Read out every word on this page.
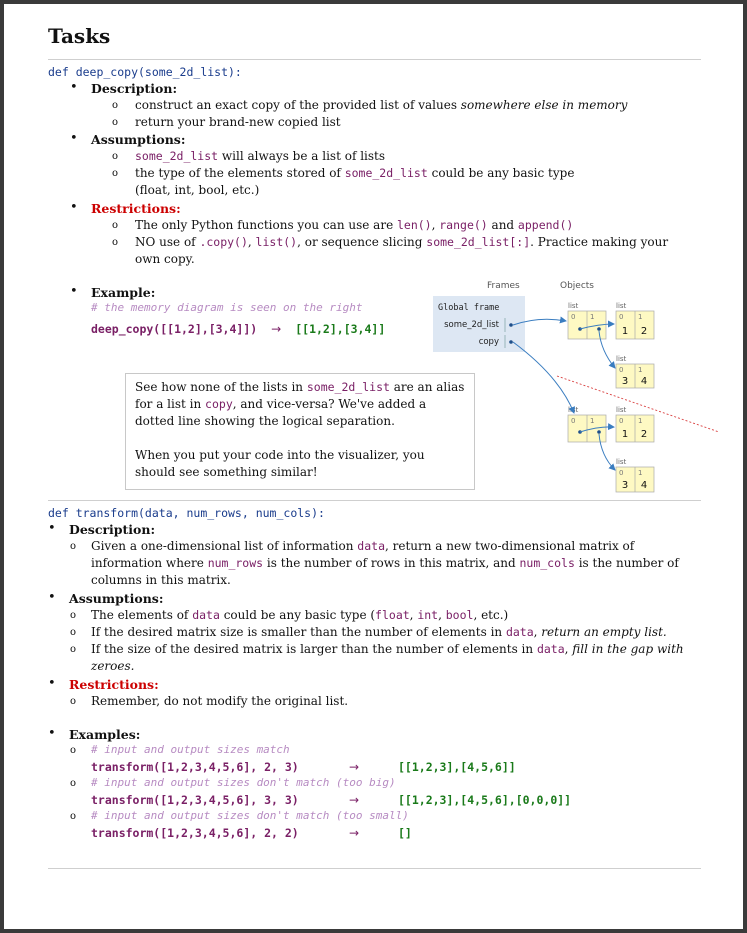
Tasks
def deep_copy(some_2d_list):
• Description:
o construct an exact copy of the provided list of values somewhere else in memory
o return your brand-new copied list
• Assumptions:
o some_2d_list will always be a list of lists
o the type of the elements stored of some_2d_list could be any basic type
(float, int, bool, etc.)
• Restrictions:
o The only Python functions you can use are len(), range() and append()
o NO use of .copy(), list(), or sequence slicing some_2d_list[:]. Practice making your
own copy.
• Example:
# the memory diagram is seen on the right
deep_copy([[1,2],[3,4]]) → [[1,2],[3,4]]
See how none of the lists in some_2d_list are an alias
for a list in copy, and vice-versa? We've added a
dotted line showing the logical separation.
When you put your code into the visualizer, you
should see something similar!
Frames	Objects
Global frame
some_2d_list
copy
list
0 1
list
0 1
1 2
list
0 1
3 4
list
0 1
list
0 1
1 2
list
0 1
3 4
def transform(data, num_rows, num_cols):
• Description:
o Given a one-dimensional list of information data, return a new two-dimensional matrix of
information where num_rows is the number of rows in this matrix, and num_cols is the number of
columns in this matrix.
• Assumptions:
o The elements of data could be any basic type (float, int, bool, etc.)
o If the desired matrix size is smaller than the number of elements in data, return an empty list.
o If the size of the desired matrix is larger than the number of elements in data, fill in the gap with
zeroes.
• Restrictions:
o Remember, do not modify the original list.
• Examples:
o # input and output sizes match
transform([1,2,3,4,5,6], 2, 3)	→	[[1,2,3],[4,5,6]]
o # input and output sizes don't match (too big)
transform([1,2,3,4,5,6], 3, 3)	→	[[1,2,3],[4,5,6],[0,0,0]]
o # input and output sizes don't match (too small)
transform([1,2,3,4,5,6], 2, 2)	→	[]
